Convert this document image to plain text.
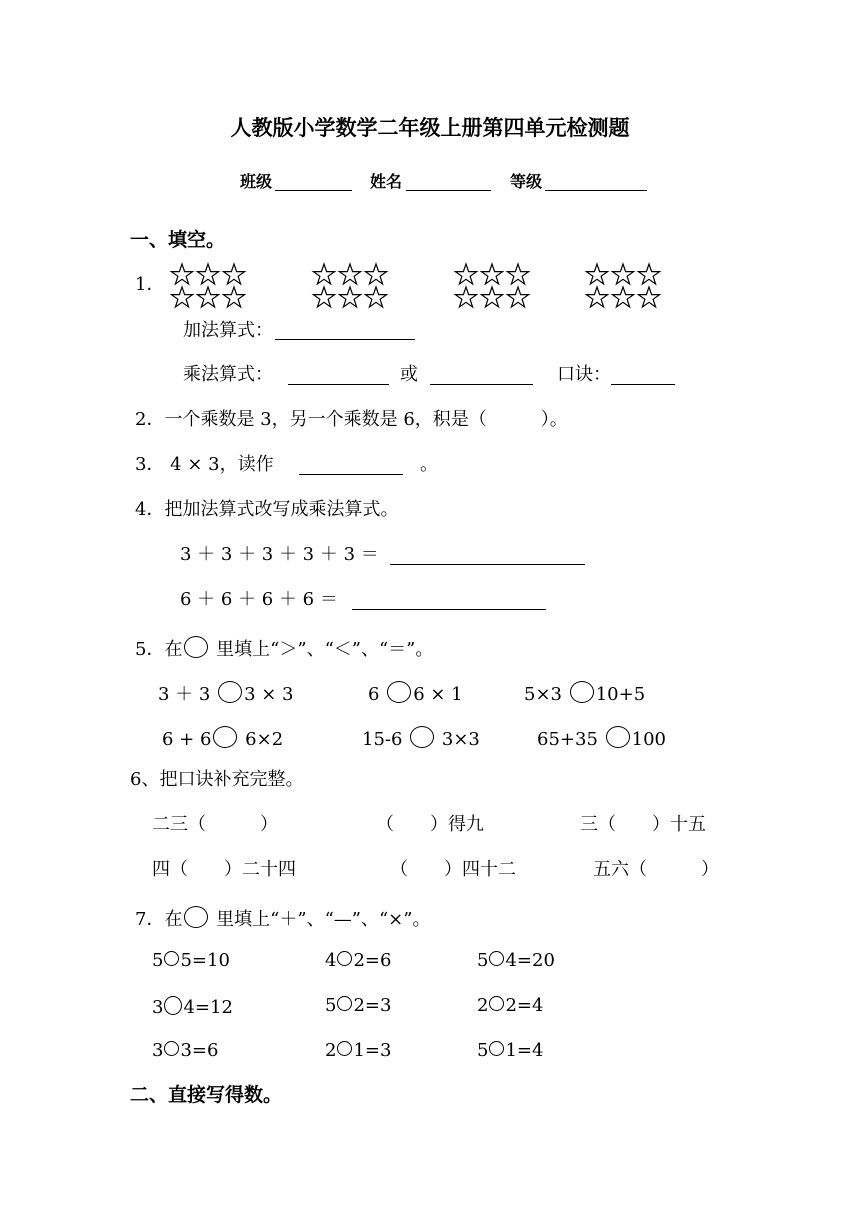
人教版小学数学二年级上册第四单元检测题
班级	姓名	等级
一、填空。
1．
加法算式：
乘法算式：	或	口诀：
2．一个乘数是 3，另一个乘数是 6，积是（　　　）。
3． 4 × 3，读作	。
4．把加法算式改写成乘法算式。
3 ＋ 3 ＋ 3 ＋ 3 ＋ 3 ＝
6 ＋ 6 ＋ 6 ＋ 6 ＝
5．在 里填上“＞”、“＜”、“＝”。
3 ＋ 3 3 × 3	6 6 × 1	5×3 10+5
6 + 6 6×2	15-6  3×3	65+35 100
6、把口诀补充完整。
二三（　　　）	（　　）得九	三（　　）十五
四（　　）二十四	（　　）四十二	五六（　　　）
7．在 里填上“＋”、“—”、“×”。
5 5=10	4 2=6	5 4=20
3 4=12	5 2=3	2 2=4
3 3=6	2 1=3	5 1=4
二、直接写得数。
